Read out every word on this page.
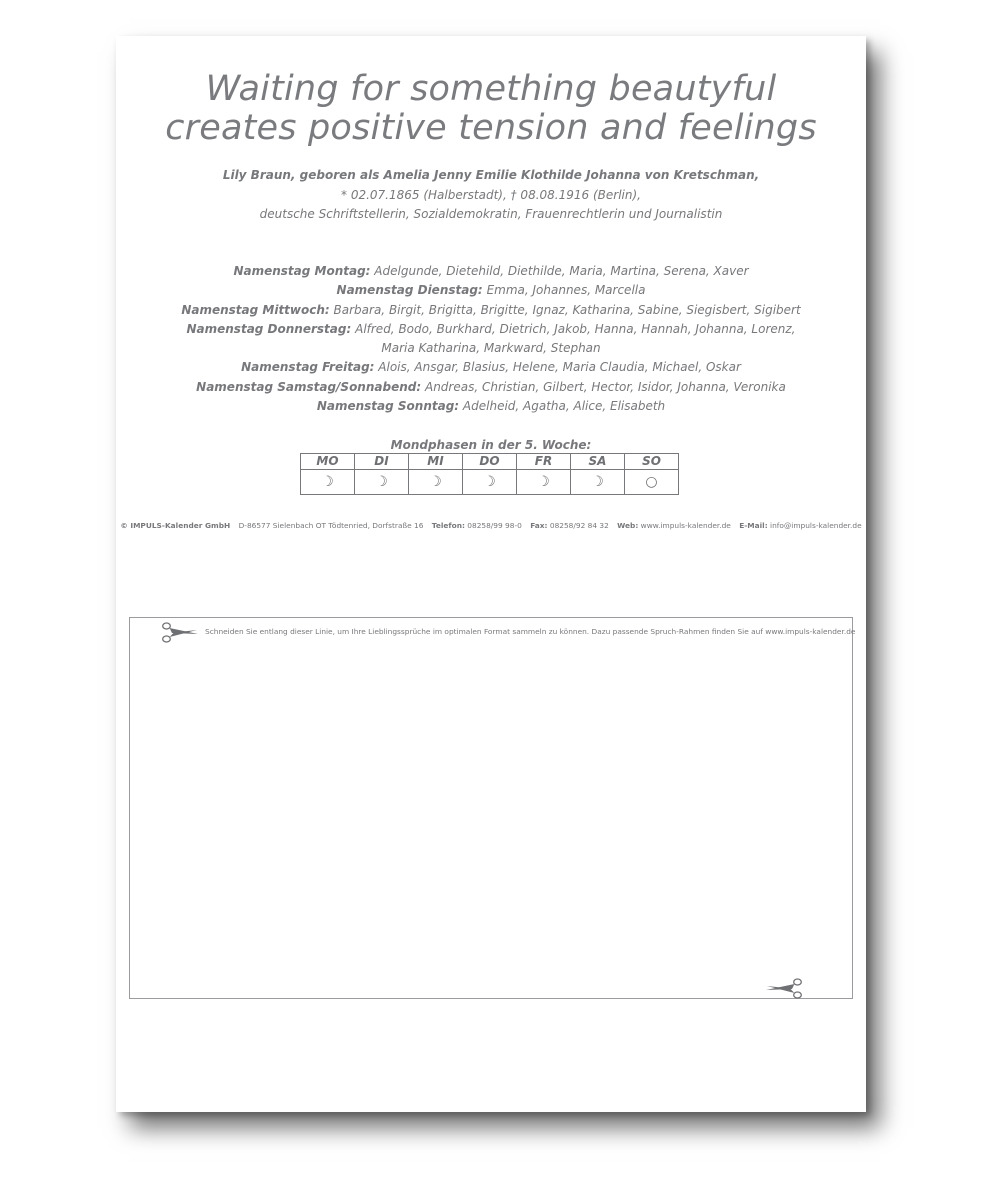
Waiting for something beautyful
creates positive tension and feelings
Lily Braun, geboren als Amelia Jenny Emilie Klothilde Johanna von Kretschman,
* 02.07.1865 (Halberstadt), † 08.08.1916 (Berlin),
deutsche Schriftstellerin, Sozialdemokratin, Frauenrechtlerin und Journalistin
Namenstag Montag: Adelgunde, Dietehild, Diethilde, Maria, Martina, Serena, Xaver
Namenstag Dienstag: Emma, Johannes, Marcella
Namenstag Mittwoch: Barbara, Birgit, Brigitta, Brigitte, Ignaz, Katharina, Sabine, Siegisbert, Sigibert
Namenstag Donnerstag: Alfred, Bodo, Burkhard, Dietrich, Jakob, Hanna, Hannah, Johanna, Lorenz,
Maria Katharina, Markward, Stephan
Namenstag Freitag: Alois, Ansgar, Blasius, Helene, Maria Claudia, Michael, Oskar
Namenstag Samstag/Sonnabend: Andreas, Christian, Gilbert, Hector, Isidor, Johanna, Veronika
Namenstag Sonntag: Adelheid, Agatha, Alice, Elisabeth
Mondphasen in der 5. Woche:
MO	DI	MI	DO	FR	SA	SO
☽	☽	☽	☽	☽	☽	○
© IMPULS-Kalender GmbH D-86577 Sielenbach OT Tödtenried, Dorfstraße 16 Telefon: 08258/99 98-0 Fax: 08258/92 84 32 Web: www.impuls-kalender.de E-Mail: info@impuls-kalender.de
Schneiden Sie entlang dieser Linie, um Ihre Lieblingssprüche im optimalen Format sammeln zu können. Dazu passende Spruch-Rahmen finden Sie auf www.impuls-kalender.de
